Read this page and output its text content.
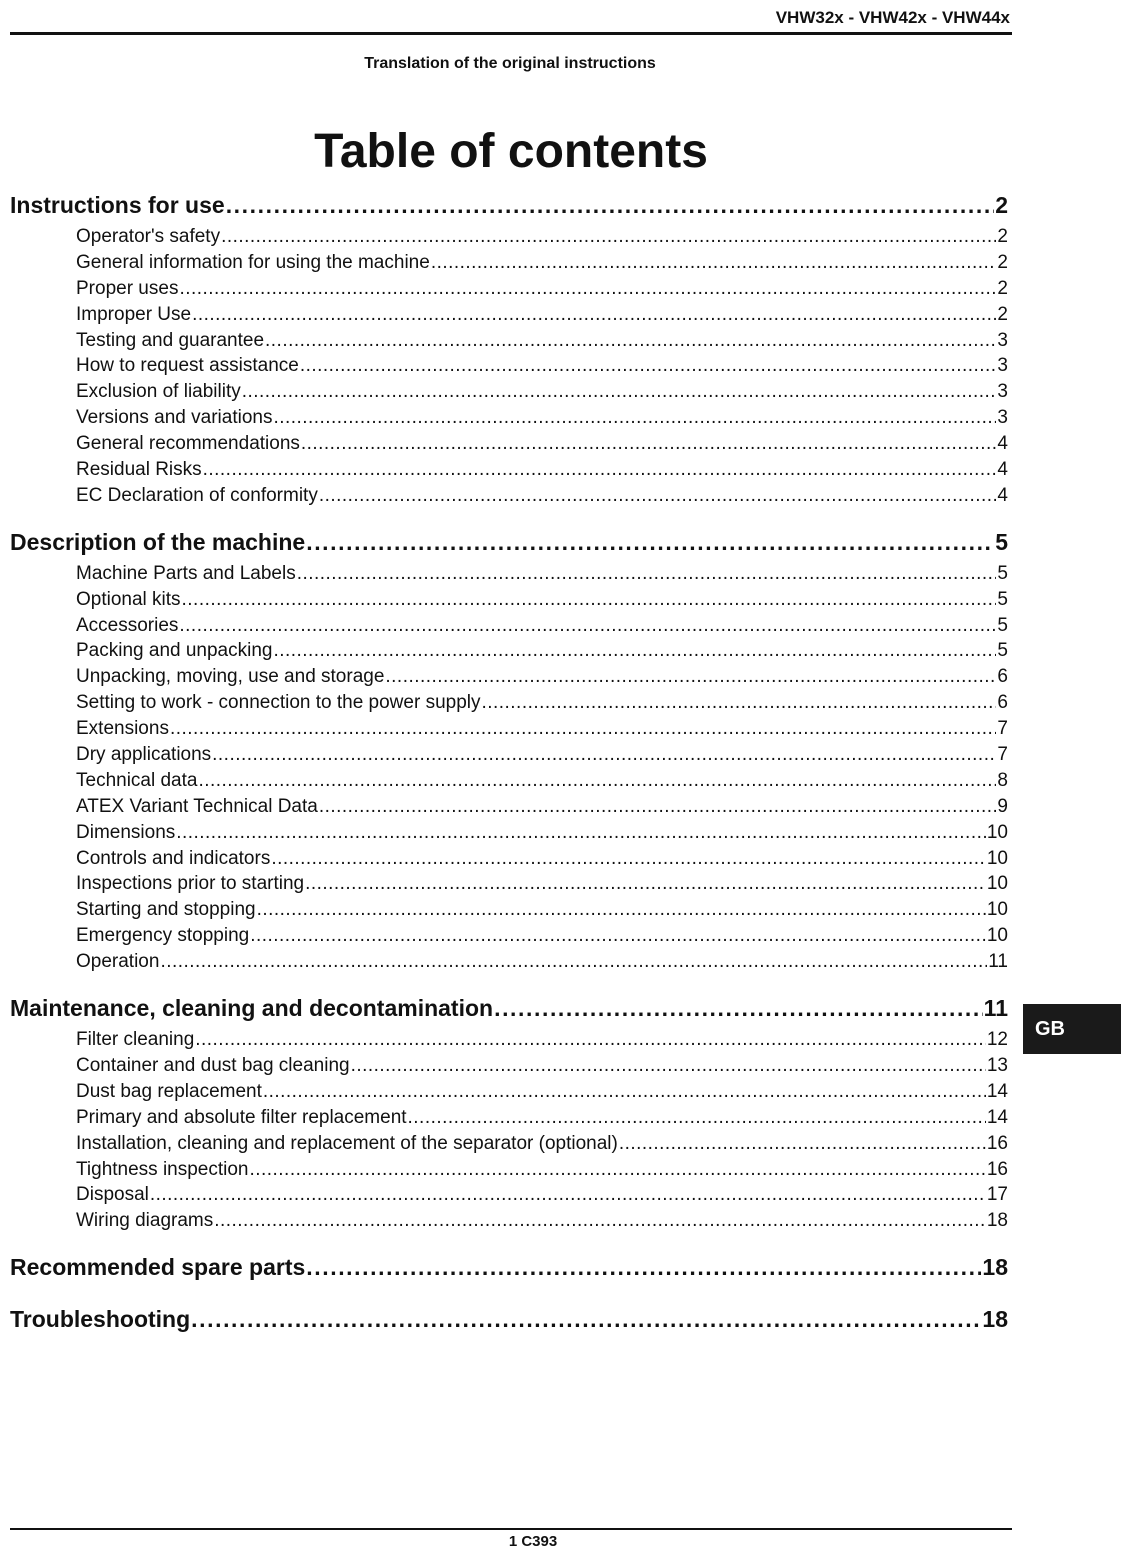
VHW32x - VHW42x - VHW44x
Translation of the original instructions
Table of contents
Instructions for use . . .	2
Operator's safety . . .	2
General information for using the machine . . .	2
Proper uses . . .	2
Improper Use . . .	2
Testing and guarantee . . .	3
How to request assistance . . .	3
Exclusion of liability . . .	3
Versions and variations . . .	3
General recommendations . . .	4
Residual Risks . . .	4
EC Declaration of conformity . . .	4
Description of the machine . . .	5
Machine Parts and Labels . . .	5
Optional kits . . .	5
Accessories . . .	5
Packing and unpacking . . .	5
Unpacking, moving, use and storage . . .	6
Setting to work - connection to the power supply . . .	6
Extensions . . .	7
Dry applications . . .	7
Technical data . . .	8
ATEX Variant Technical Data . . .	9
Dimensions . . .	10
Controls and indicators . . .	10
Inspections prior to starting . . .	10
Starting and stopping . . .	10
Emergency stopping . . .	10
Operation . . .	11
Maintenance, cleaning and decontamination . . .	11
Filter cleaning . . .	12
Container and dust bag cleaning . . .	13
Dust bag replacement . . .	14
Primary and absolute filter replacement . . .	14
Installation, cleaning and replacement of the separator (optional) . . .	16
Tightness inspection . . .	16
Disposal . . .	17
Wiring diagrams . . .	18
Recommended spare parts . . .	18
Troubleshooting . . .	18
GB
1 C393
